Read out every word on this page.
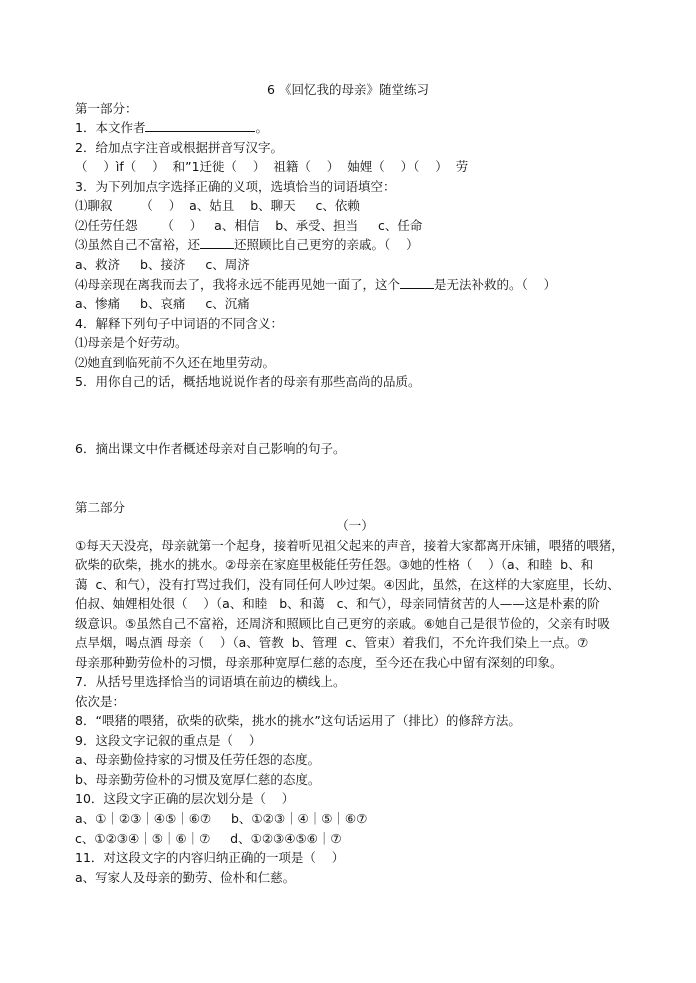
6 《回忆我的母亲》随堂练习
第一部分：
1．本文作者	。
2．给加点字注音或根据拼音写汉字。
（    ）ìf（    ）  和”1迁徙（    ）  祖籍（    ）  妯娌（    ）（    ）  劳
3．为下列加点字选择正确的义项，选填恰当的词语填空：
⑴聊叙       （    ）  a、姑且    b、聊天     c、依赖
⑵任劳任怨      （    ）   a、相信    b、承受、担当     c、任命
⑶虽然自己不富裕，还	还照顾比自己更穷的亲戚。（    ）
a、救济     b、接济     c、周济
⑷母亲现在离我而去了，我将永远不能再见她一面了，这个	是无法补救的。（    ）
a、惨痛     b、哀痛     c、沉痛
4．解释下列句子中词语的不同含义：
⑴母亲是个好劳动。
⑵她直到临死前不久还在地里劳动。
5．用你自己的话，概括地说说作者的母亲有那些高尚的品质。
6．摘出课文中作者概述母亲对自己影响的句子。
第二部分
（一）
①每天天没亮，母亲就第一个起身，接着听见祖父起来的声音，接着大家都离开床铺，喂猪的喂猪，
砍柴的砍柴，挑水的挑水。②母亲在家庭里极能任劳任怨。③她的性格（    ）（a、和睦  b、和
蔼  c、和气），没有打骂过我们，没有同任何人吵过架。④因此，虽然，在这样的大家庭里，长幼、
伯叔、妯娌相处很（    ）（a、和睦   b、和蔼   c、和气），母亲同情贫苦的人——这是朴素的阶
级意识。⑤虽然自己不富裕，还周济和照顾比自己更穷的亲戚。⑥她自己是很节俭的，父亲有时吸
点旱烟，喝点酒 母亲（    ）（a、管教  b、管理  c、管束）着我们，不允许我们染上一点。⑦
母亲那种勤劳俭朴的习惯，母亲那种宽厚仁慈的态度，至今还在我心中留有深刻的印象。
7．从括号里选择恰当的词语填在前边的横线上。
依次是：
8．“喂猪的喂猪，砍柴的砍柴，挑水的挑水”这句话运用了（排比）的修辞方法。
9．这段文字记叙的重点是（    ）
a、母亲勤俭持家的习惯及任劳任怨的态度。
b、母亲勤劳俭朴的习惯及宽厚仁慈的态度。
10．这段文字正确的层次划分是（    ）
a、①｜②③｜④⑤｜⑥⑦     b、①②③｜④｜⑤｜⑥⑦
c、①②③④｜⑤｜⑥｜⑦     d、①②③④⑤⑥｜⑦
11．对这段文字的内容归纳正确的一项是（    ）
a、写家人及母亲的勤劳、俭朴和仁慈。
